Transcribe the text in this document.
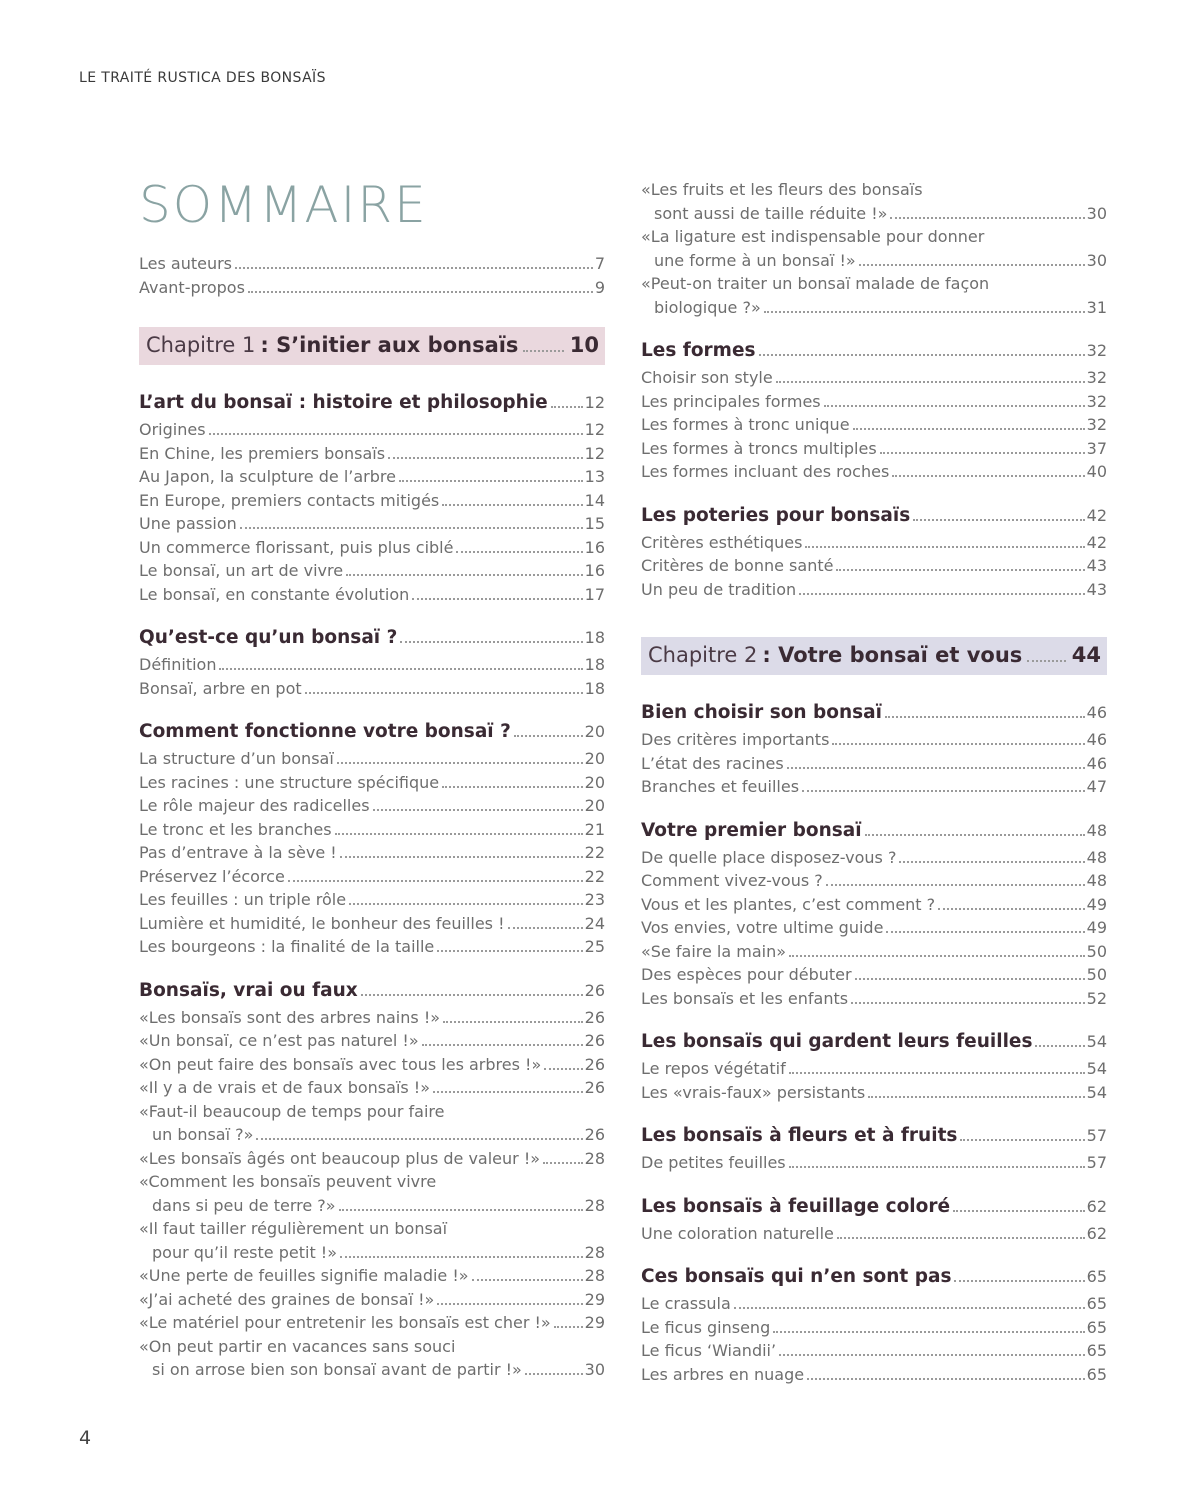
LE TRAITÉ RUSTICA DES BONSAÏS
SOMMAIRE
Les auteurs	7
Avant-propos	9
Chapitre 1 : S’initier aux bonsaïs 10
L’art du bonsaï : histoire et philosophie 12
Origines	12
En Chine, les premiers bonsaïs	12
Au Japon, la sculpture de l’arbre	13
En Europe, premiers contacts mitigés	14
Une passion	15
Un commerce florissant, puis plus ciblé	16
Le bonsaï, un art de vivre	16
Le bonsaï, en constante évolution	17
Qu’est-ce qu’un bonsaï ?	18
Définition	18
Bonsaï, arbre en pot	18
Comment fonctionne votre bonsaï ?	20
La structure d’un bonsaï	20
Les racines : une structure spécifique	20
Le rôle majeur des radicelles	20
Le tronc et les branches	21
Pas d’entrave à la sève !	22
Préservez l’écorce	22
Les feuilles : un triple rôle	23
Lumière et humidité, le bonheur des feuilles !	24
Les bourgeons : la finalité de la taille	25
Bonsaïs, vrai ou faux	26
«Les bonsaïs sont des arbres nains !»	26
«Un bonsaï, ce n’est pas naturel !»	26
«On peut faire des bonsaïs avec tous les arbres !»	26
«Il y a de vrais et de faux bonsaïs !»	26
«Faut-il beaucoup de temps pour faire
un bonsaï ?»	26
«Les bonsaïs âgés ont beaucoup plus de valeur !»	28
«Comment les bonsaïs peuvent vivre
dans si peu de terre ?»	28
«Il faut tailler régulièrement un bonsaï
pour qu’il reste petit !»	28
«Une perte de feuilles signifie maladie !»	28
«J’ai acheté des graines de bonsaï !»	29
«Le matériel pour entretenir les bonsaïs est cher !» 29
«On peut partir en vacances sans souci
si on arrose bien son bonsaï avant de partir !»	30
«Les fruits et les fleurs des bonsaïs
sont aussi de taille réduite !»	30
«La ligature est indispensable pour donner
une forme à un bonsaï !»	30
«Peut-on traiter un bonsaï malade de façon
biologique ?»	31
Les formes	32
Choisir son style	32
Les principales formes	32
Les formes à tronc unique	32
Les formes à troncs multiples	37
Les formes incluant des roches	40
Les poteries pour bonsaïs	42
Critères esthétiques	42
Critères de bonne santé	43
Un peu de tradition	43
Chapitre 2 : Votre bonsaï et vous 44
Bien choisir son bonsaï	46
Des critères importants	46
L’état des racines	46
Branches et feuilles	47
Votre premier bonsaï	48
De quelle place disposez-vous ?	48
Comment vivez-vous ?	48
Vous et les plantes, c’est comment ?	49
Vos envies, votre ultime guide	49
«Se faire la main»	50
Des espèces pour débuter	50
Les bonsaïs et les enfants	52
Les bonsaïs qui gardent leurs feuilles	54
Le repos végétatif	54
Les «vrais-faux» persistants	54
Les bonsaïs à fleurs et à fruits	57
De petites feuilles	57
Les bonsaïs à feuillage coloré	62
Une coloration naturelle	62
Ces bonsaïs qui n’en sont pas	65
Le crassula	65
Le ficus ginseng	65
Le ficus ‘Wiandii’	65
Les arbres en nuage	65
4
